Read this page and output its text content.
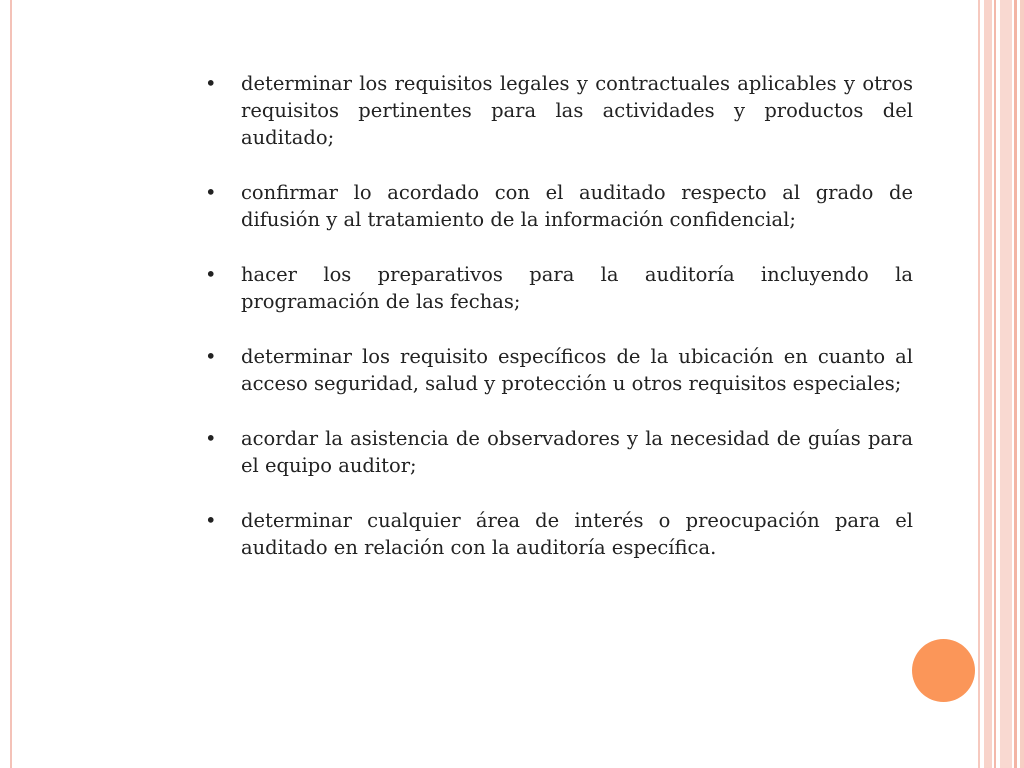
•	determinar los requisitos legales y contractuales aplicables y otros requisitos pertinentes para las actividades y productos del auditado;
•	confirmar lo acordado con el auditado respecto al grado de difusión y al tratamiento de la información confidencial;
•	hacer los preparativos para la auditoría incluyendo la programación de las fechas;
•	determinar los requisito específicos de la ubicación en cuanto al acceso seguridad, salud y protección u otros requisitos especiales;
•	acordar la asistencia de observadores y la necesidad de guías para el equipo auditor;
•	determinar cualquier área de interés o preocupación para el auditado en relación con la auditoría específica.
